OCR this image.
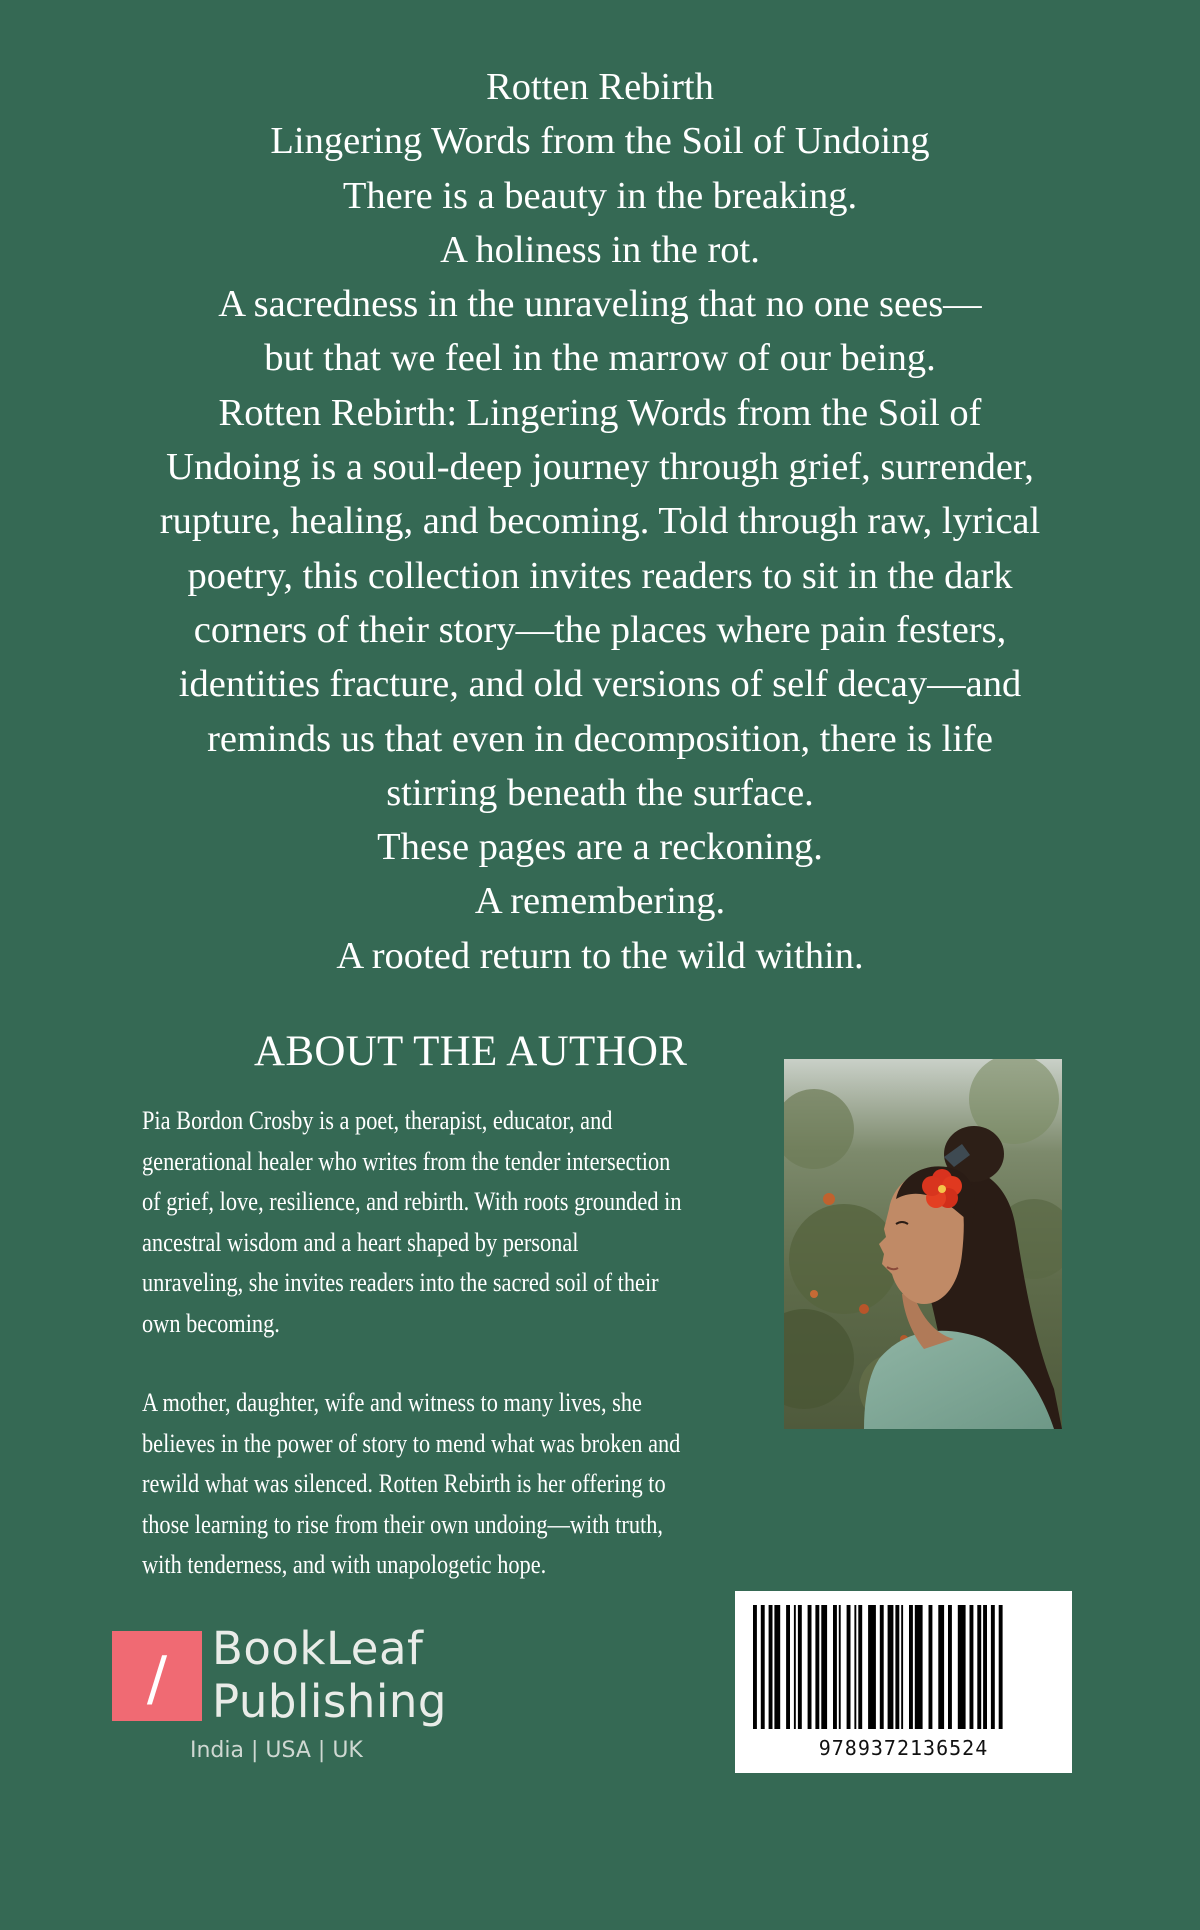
Rotten Rebirth
Lingering Words from the Soil of Undoing
There is a beauty in the breaking.
A holiness in the rot.
A sacredness in the unraveling that no one sees—
but that we feel in the marrow of our being.
Rotten Rebirth: Lingering Words from the Soil of
Undoing is a soul-deep journey through grief, surrender,
rupture, healing, and becoming. Told through raw, lyrical
poetry, this collection invites readers to sit in the dark
corners of their story—the places where pain festers,
identities fracture, and old versions of self decay—and
reminds us that even in decomposition, there is life
stirring beneath the surface.
These pages are a reckoning.
A remembering.
A rooted return to the wild within.
ABOUT THE AUTHOR
Pia Bordon Crosby is a poet, therapist, educator, and
generational healer who writes from the tender intersection
of grief, love, resilience, and rebirth. With roots grounded in
ancestral wisdom and a heart shaped by personal
unraveling, she invites readers into the sacred soil of their
own becoming.
A mother, daughter, wife and witness to many lives, she
believes in the power of story to mend what was broken and
rewild what was silenced. Rotten Rebirth is her offering to
those learning to rise from their own undoing—with truth,
with tenderness, and with unapologetic hope.
9789372136524
/ BookLeaf
Publishing
India | USA | UK
